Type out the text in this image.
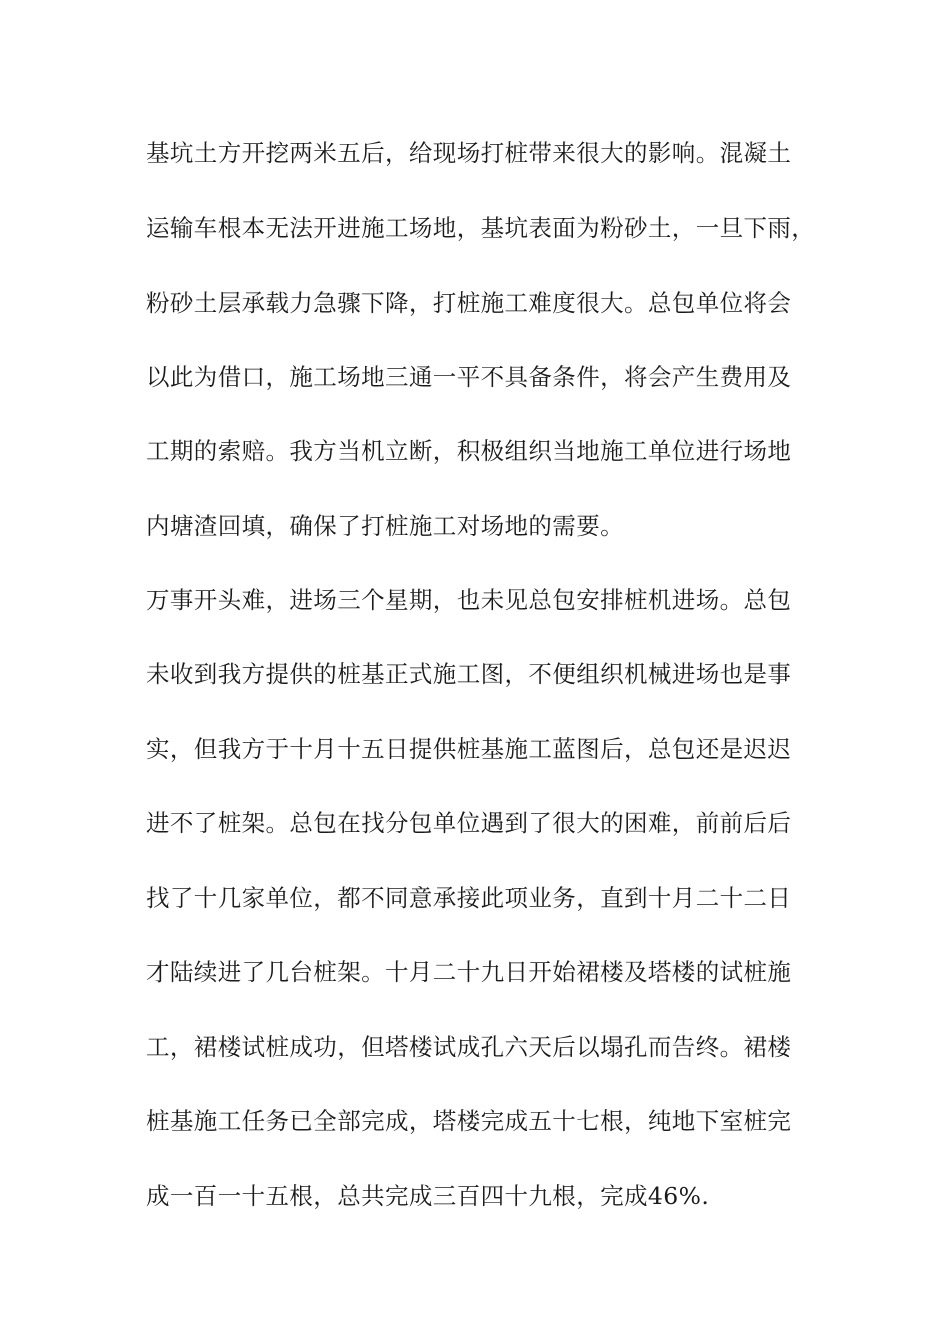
基坑土方开挖两米五后，给现场打桩带来很大的影响。混凝土
运输车根本无法开进施工场地，基坑表面为粉砂土，一旦下雨，
粉砂土层承载力急骤下降，打桩施工难度很大。总包单位将会
以此为借口，施工场地三通一平不具备条件，将会产生费用及
工期的索赔。我方当机立断，积极组织当地施工单位进行场地
内塘渣回填，确保了打桩施工对场地的需要。
万事开头难，进场三个星期，也未见总包安排桩机进场。总包
未收到我方提供的桩基正式施工图，不便组织机械进场也是事
实，但我方于十月十五日提供桩基施工蓝图后，总包还是迟迟
进不了桩架。总包在找分包单位遇到了很大的困难，前前后后
找了十几家单位，都不同意承接此项业务，直到十月二十二日
才陆续进了几台桩架。十月二十九日开始裙楼及塔楼的试桩施
工，裙楼试桩成功，但塔楼试成孔六天后以塌孔而告终。裙楼
桩基施工任务已全部完成，塔楼完成五十七根，纯地下室桩完
成一百一十五根，总共完成三百四十九根，完成46%.
